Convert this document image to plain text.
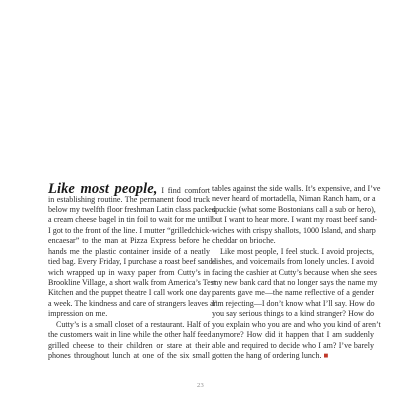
Like most people, I find comfort
in establishing routine. The permanent food truck
below my twelfth floor freshman Latin class packed
a cream cheese bagel in tin foil to wait for me until
I got to the front of the line. I mutter “grilledchick-
encaesar” to the man at Pizza Express before he
hands me the plastic container inside of a neatly
tied bag. Every Friday, I purchase a roast beef sand-
wich wrapped up in waxy paper from Cutty’s in
Brookline Village, a short walk from America’s Test
Kitchen and the puppet theatre I call work one day
a week. The kindness and care of strangers leaves an
impression on me.
Cutty’s is a small closet of a restaurant. Half of
the customers wait in line while the other half feed
grilled cheese to their children or stare at their
phones throughout lunch at one of the six small
tables against the side walls. It’s expensive, and I’ve
never heard of mortadella, Niman Ranch ham, or a
spuckie (what some Bostonians call a sub or hero),
but I want to hear more. I want my roast beef sand-
wiches with crispy shallots, 1000 Island, and sharp
cheddar on brioche.
Like most people, I feel stuck. I avoid projects,
dishes, and voicemails from lonely uncles. I avoid
facing the cashier at Cutty’s because when she sees
my new bank card that no longer says the name my
parents gave me—the name reflective of a gender
I’m rejecting—I don’t know what I’ll say. How do
you say serious things to a kind stranger? How do
you explain who you are and who you kind of aren’t
anymore? How did it happen that I am suddenly
able and required to decide who I am? I’ve barely
gotten the hang of ordering lunch. ■
23
